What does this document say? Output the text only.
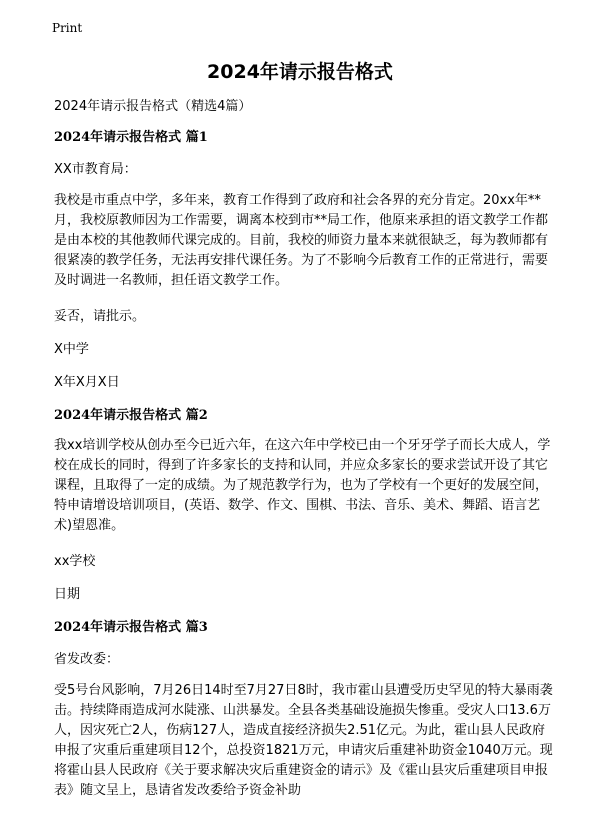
Print
2024年请示报告格式
2024年请示报告格式（精选4篇）
2024年请示报告格式 篇1
XX市教育局：
我校是市重点中学，多年来，教育工作得到了政府和社会各界的充分肯定。20xx年**月，我校原教师因为工作需要，调离本校到市**局工作，他原来承担的语文教学工作都是由本校的其他教师代课完成的。目前，我校的师资力量本来就很缺乏，每为教师都有很紧凑的教学任务，无法再安排代课任务。为了不影响今后教育工作的正常进行，需要及时调进一名教师，担任语文教学工作。
妥否，请批示。
X中学
X年X月X日
2024年请示报告格式 篇2
我xx培训学校从创办至今已近六年，在这六年中学校已由一个牙牙学子而长大成人，学校在成长的同时，得到了许多家长的支持和认同，并应众多家长的要求尝试开设了其它课程，且取得了一定的成绩。为了规范教学行为，也为了学校有一个更好的发展空间，特申请增设培训项目，(英语、数学、作文、围棋、书法、音乐、美术、舞蹈、语言艺术)望恩准。
xx学校
日期
2024年请示报告格式 篇3
省发改委：
受5号台风影响，7月26日14时至7月27日8时，我市霍山县遭受历史罕见的特大暴雨袭击。持续降雨造成河水陡涨、山洪暴发。全县各类基础设施损失惨重。受灾人口13.6万人，因灾死亡2人，伤病127人，造成直接经济损失2.51亿元。为此，霍山县人民政府申报了灾重后重建项目12个，总投资1821万元，申请灾后重建补助资金1040万元。现将霍山县人民政府《关于要求解决灾后重建资金的请示》及《霍山县灾后重建项目申报表》随文呈上，恳请省发改委给予资金补助
